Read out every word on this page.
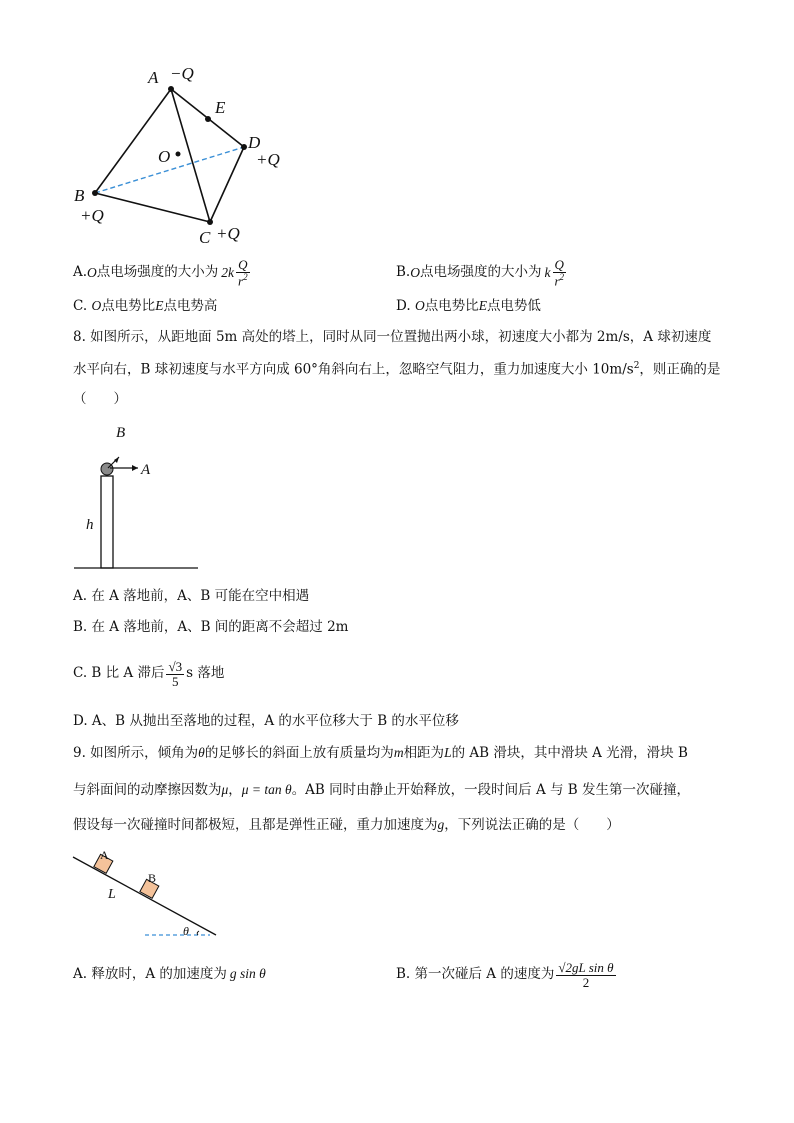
A −Q
E
D
+Q
O
B
+Q
C +Q
A. O 点电场强度的大小为 $2k \frac{Q}{r^2}$	B. O 点电场强度的大小为 k $\frac{Q}{r^2}$
C. O点电势比E点电势高	D. O点电势比E点电势低
8. 如图所示，从距地面 5m 高处的塔上，同时从同一位置抛出两小球，初速度大小都为 2m/s，A 球初速度
水平向右，B 球初速度与水平方向成 60°角斜向右上，忽略空气阻力，重力加速度大小 $10m/s^2$，则正确的是
（　　）
B
A
h
A. 在 A 落地前，A、B 可能在空中相遇
B. 在 A 落地前，A、B 间的距离不会超过 2m
C. B 比 A 滞后 $\frac{√3}{5}$ s 落地
D. A、B 从抛出至落地的过程，A 的水平位移大于 B 的水平位移
9. 如图所示，倾角为θ的足够长的斜面上放有质量均为m相距为L的 AB 滑块，其中滑块 A 光滑，滑块 B
与斜面间的动摩擦因数为μ，μ = tan θ。AB 同时由静止开始释放，一段时间后 A 与 B 发生第一次碰撞，
假设每一次碰撞时间都极短，且都是弹性正碰，重力加速度为g，下列说法正确的是（　　）
A
B
L
θ
A. 释放时，A 的加速度为 g sin θ	B. 第一次碰后 A 的速度为 $\frac{\text{√2gL sin θ}}{2}$
